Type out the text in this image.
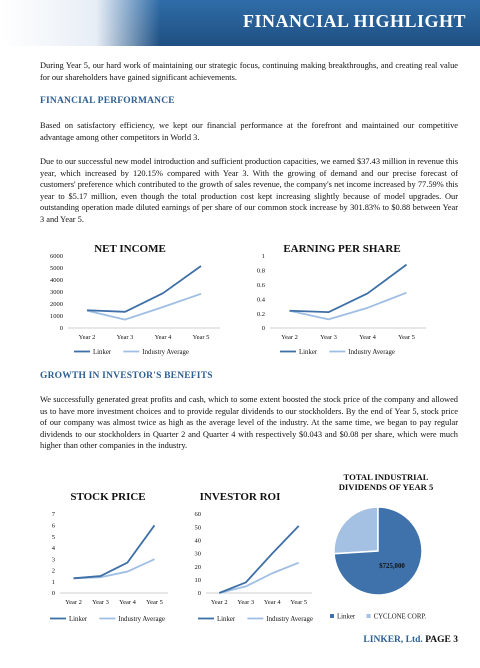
FINANCIAL HIGHLIGHT
During Year 5, our hard work of maintaining our strategic focus, continuing making breakthroughs, and creating real value for our shareholders have gained significant achievements.
FINANCIAL PERFORMANCE
Based on satisfactory efficiency, we kept our financial performance at the forefront and maintained our competitive advantage among other competitors in World 3.
Due to our successful new model introduction and sufficient production capacities, we earned $37.43 million in revenue this year, which increased by 120.15% compared with Year 3. With the growing of demand and our precise forecast of customers' preference which contributed to the growth of sales revenue, the company's net income increased by 77.59% this year to $5.17 million, even though the total production cost kept increasing slightly because of model upgrades. Our outstanding operation made diluted earnings of per share of our common stock increase by 301.83% to $0.88 between Year 3 and Year 5.
NET INCOME
0
1000
2000
3000
4000
5000
6000
Year 2	Year 3	Year 4	Year 5
Linker	Industry Average
EARNING PER SHARE
0
0.2
0.4
0.6
0.8
1
Year 2	Year 3	Year 4	Year 5
Linker	Industry Average
GROWTH IN INVESTOR'S BENEFITS
We successfully generated great profits and cash, which to some extent boosted the stock price of the company and allowed us to have more investment choices and to provide regular dividends to our stockholders. By the end of Year 5, stock price of our company was almost twice as high as the average level of the industry. At the same time, we began to pay regular dividends to our stockholders in Quarter 2 and Quarter 4 with respectively $0.043 and $0.08 per share, which were much higher than other companies in the industry.
STOCK PRICE
0
1
2
3
4
5
6
7
Year 2 Year 3 Year 4 Year 5
Linker	Industry Average
INVESTOR ROI
0
10
20
30
40
50
60
Year 2 Year 3 Year 4 Year 5
Linker	Industry Average
TOTAL INDUSTRIAL DIVIDENDS OF YEAR 5
$725,000
Linker	CYCLONE CORP.
LINKER, Ltd. PAGE 3
